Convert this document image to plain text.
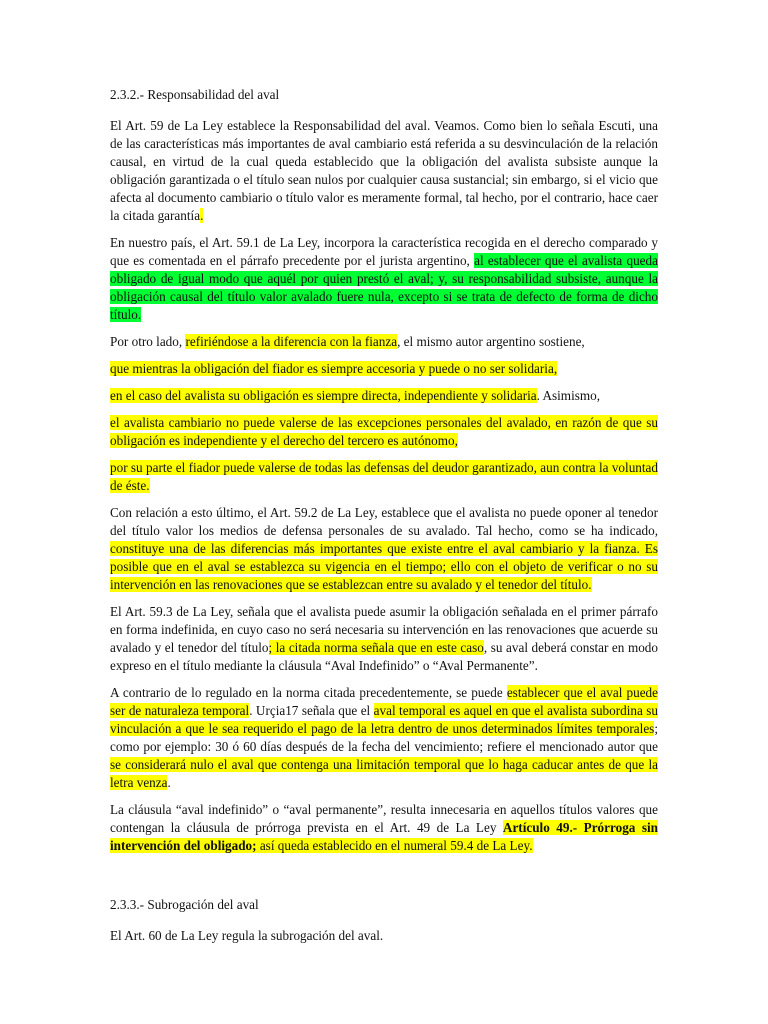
2.3.2.- Responsabilidad del aval

El Art. 59 de La Ley establece la Responsabilidad del aval. Veamos. Como bien lo señala Escuti, una de las características más importantes de aval cambiario está referida a su desvinculación de la relación causal, en virtud de la cual queda establecido que la obligación del avalista subsiste aunque la obligación garantizada o el título sean nulos por cualquier causa sustancial; sin embargo, si el vicio que afecta al documento cambiario o título valor es meramente formal, tal hecho, por el contrario, hace caer la citada garantía.

En nuestro país, el Art. 59.1 de La Ley, incorpora la característica recogida en el derecho comparado y que es comentada en el párrafo precedente por el jurista argentino, al establecer que el avalista queda obligado de igual modo que aquél por quien prestó el aval; y, su responsabilidad subsiste, aunque la obligación causal del título valor avalado fuere nula, excepto si se trata de defecto de forma de dicho título.

Por otro lado, refiriéndose a la diferencia con la fianza, el mismo autor argentino sostiene,

que mientras la obligación del fiador es siempre accesoria y puede o no ser solidaria,

en el caso del avalista su obligación es siempre directa, independiente y solidaria. Asimismo,

el avalista cambiario no puede valerse de las excepciones personales del avalado, en razón de que su obligación es independiente y el derecho del tercero es autónomo,

por su parte el fiador puede valerse de todas las defensas del deudor garantizado, aun contra la voluntad de éste.

Con relación a esto último, el Art. 59.2 de La Ley, establece que el avalista no puede oponer al tenedor del título valor los medios de defensa personales de su avalado. Tal hecho, como se ha indicado, constituye una de las diferencias más importantes que existe entre el aval cambiario y la fianza. Es posible que en el aval se establezca su vigencia en el tiempo; ello con el objeto de verificar o no su intervención en las renovaciones que se establezcan entre su avalado y el tenedor del título.

El Art. 59.3 de La Ley, señala que el avalista puede asumir la obligación señalada en el primer párrafo en forma indefinida, en cuyo caso no será necesaria su intervención en las renovaciones que acuerde su avalado y el tenedor del título; la citada norma señala que en este caso, su aval deberá constar en modo expreso en el título mediante la cláusula “Aval Indefinido” o “Aval Permanente”.

A contrario de lo regulado en la norma citada precedentemente, se puede establecer que el aval puede ser de naturaleza temporal. Urçia17 señala que el aval temporal es aquel en que el avalista subordina su vinculación a que le sea requerido el pago de la letra dentro de unos determinados límites temporales; como por ejemplo: 30 ó 60 días después de la fecha del vencimiento; refiere el mencionado autor que se considerará nulo el aval que contenga una limitación temporal que lo haga caducar antes de que la letra venza.

La cláusula “aval indefinido” o “aval permanente”, resulta innecesaria en aquellos títulos valores que contengan la cláusula de prórroga prevista en el Art. 49 de La Ley Artículo 49.- Prórroga sin intervención del obligado; así queda establecido en el numeral 59.4 de La Ley.

2.3.3.- Subrogación del aval

El Art. 60 de La Ley regula la subrogación del aval.
